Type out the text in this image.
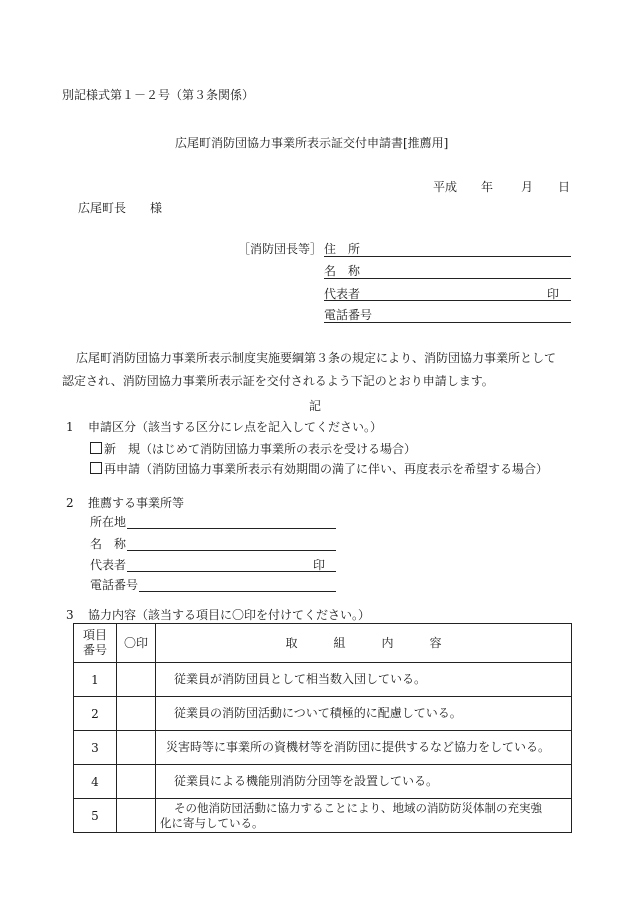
別記様式第１－２号（第３条関係）
広尾町消防団協力事業所表示証交付申請書[推薦用]
平成 年 月 日
広尾町長 様
［消防団長等］ 住　所
名　称
代表者	印
電話番号
広尾町消防団協力事業所表示制度実施要綱第３条の規定により、消防団協力事業所として
認定され、消防団協力事業所表示証を交付されるよう下記のとおり申請します。
記
1 申請区分（該当する区分にレ点を記入してください。）
新　規（はじめて消防団協力事業所の表示を受ける場合）
再申請（消防団協力事業所表示有効期間の満了に伴い、再度表示を希望する場合）
2 推薦する事業所等
所在地
名　称
代表者	印
電話番号
3 協力内容（該当する項目に〇印を付けてください。）
項目
番号	〇印	取 組 内 容
1		従業員が消防団員として相当数入団している。
2		従業員の消防団活動について積極的に配慮している。
3		災害時等に事業所の資機材等を消防団に提供するなど協力をしている。
4		従業員による機能別消防分団等を設置している。
5		その他消防団活動に協力することにより、地域の消防防災体制の充実強
化に寄与している。
